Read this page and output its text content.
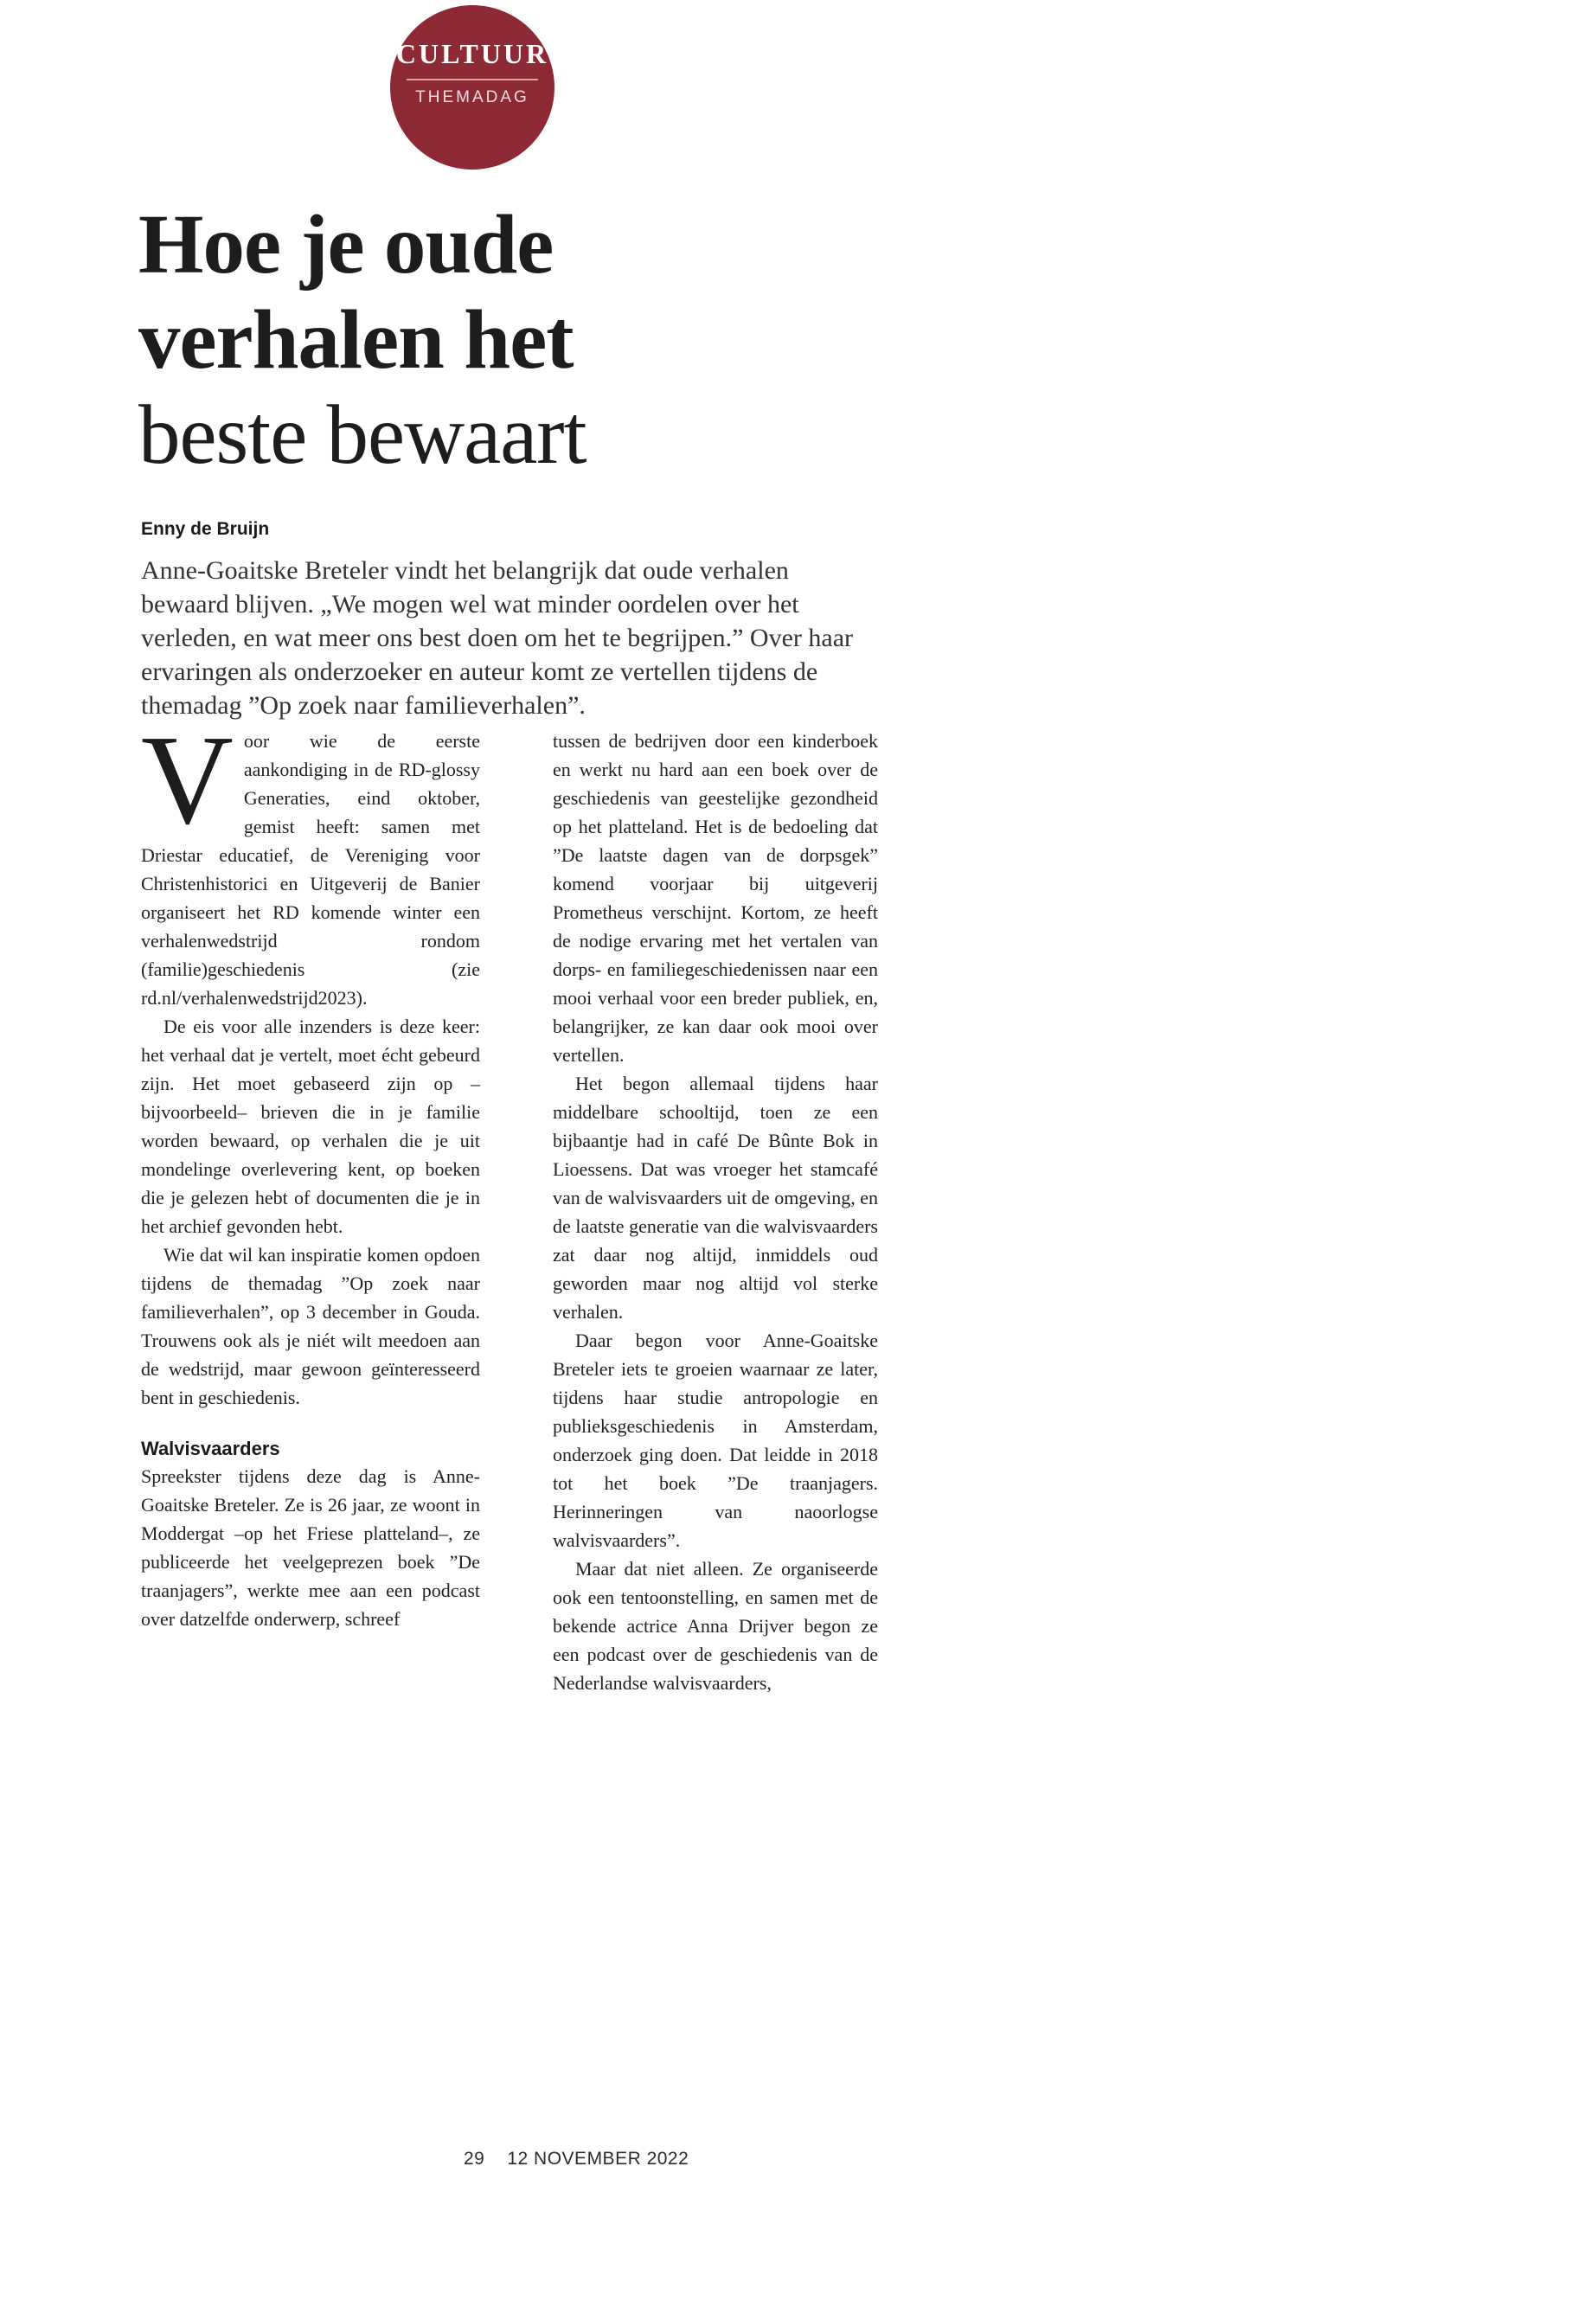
CULTUUR
THEMADAG
Hoe je oude
verhalen het
beste bewaart
Enny de Bruijn

Anne-Goaitske Breteler vindt het belangrijk dat oude verhalen bewaard blijven. „We mogen wel wat minder oordelen over het verleden, en wat meer ons best doen om het te begrijpen.” Over haar ervaringen als onderzoeker en auteur komt ze vertellen tijdens de themadag ”Op zoek naar familieverhalen”.

Voor wie de eerste aankondiging in de RD-glossy Generaties, eind oktober, gemist heeft: samen met Driestar educatief, de Vereniging voor Christenhistorici en Uitgeverij de Banier organiseert het RD komende winter een verhalenwedstrijd rondom (familie)geschiedenis (zie rd.nl/verhalenwedstrijd2023).

De eis voor alle inzenders is deze keer: het verhaal dat je vertelt, moet écht gebeurd zijn. Het moet gebaseerd zijn op –bijvoorbeeld– brieven die in je familie worden bewaard, op verhalen die je uit mondelinge overlevering kent, op boeken die je gelezen hebt of documenten die je in het archief gevonden hebt.

Wie dat wil kan inspiratie komen opdoen tijdens de themadag ”Op zoek naar familieverhalen”, op 3 december in Gouda. Trouwens ook als je niét wilt meedoen aan de wedstrijd, maar gewoon geïnteresseerd bent in geschiedenis.

Walvisvaarders

Spreekster tijdens deze dag is Anne-Goaitske Breteler. Ze is 26 jaar, ze woont in Moddergat –op het Friese platteland–, ze publiceerde het veelgeprezen boek ”De traanjagers”, werkte mee aan een podcast over datzelfde onderwerp, schreef

tussen de bedrijven door een kinderboek en werkt nu hard aan een boek over de geschiedenis van geestelijke gezondheid op het platteland. Het is de bedoeling dat ”De laatste dagen van de dorpsgek” komend voorjaar bij uitgeverij Prometheus verschijnt. Kortom, ze heeft de nodige ervaring met het vertalen van dorps- en familiegeschiedenissen naar een mooi verhaal voor een breder publiek, en, belangrijker, ze kan daar ook mooi over vertellen.

Het begon allemaal tijdens haar middelbare schooltijd, toen ze een bijbaantje had in café De Bûnte Bok in Lioessens. Dat was vroeger het stamcafé van de walvisvaarders uit de omgeving, en de laatste generatie van die walvisvaarders zat daar nog altijd, inmiddels oud geworden maar nog altijd vol sterke verhalen.

Daar begon voor Anne-Goaitske Breteler iets te groeien waarnaar ze later, tijdens haar studie antropologie en publieksgeschiedenis in Amsterdam, onderzoek ging doen. Dat leidde in 2018 tot het boek ”De traanjagers. Herinneringen van naoorlogse walvisvaarders”.

Maar dat niet alleen. Ze organiseerde ook een tentoonstelling, en samen met de bekende actrice Anna Drijver begon ze een podcast over de geschiedenis van de Nederlandse walvisvaarders,

29 12 NOVEMBER 2022
